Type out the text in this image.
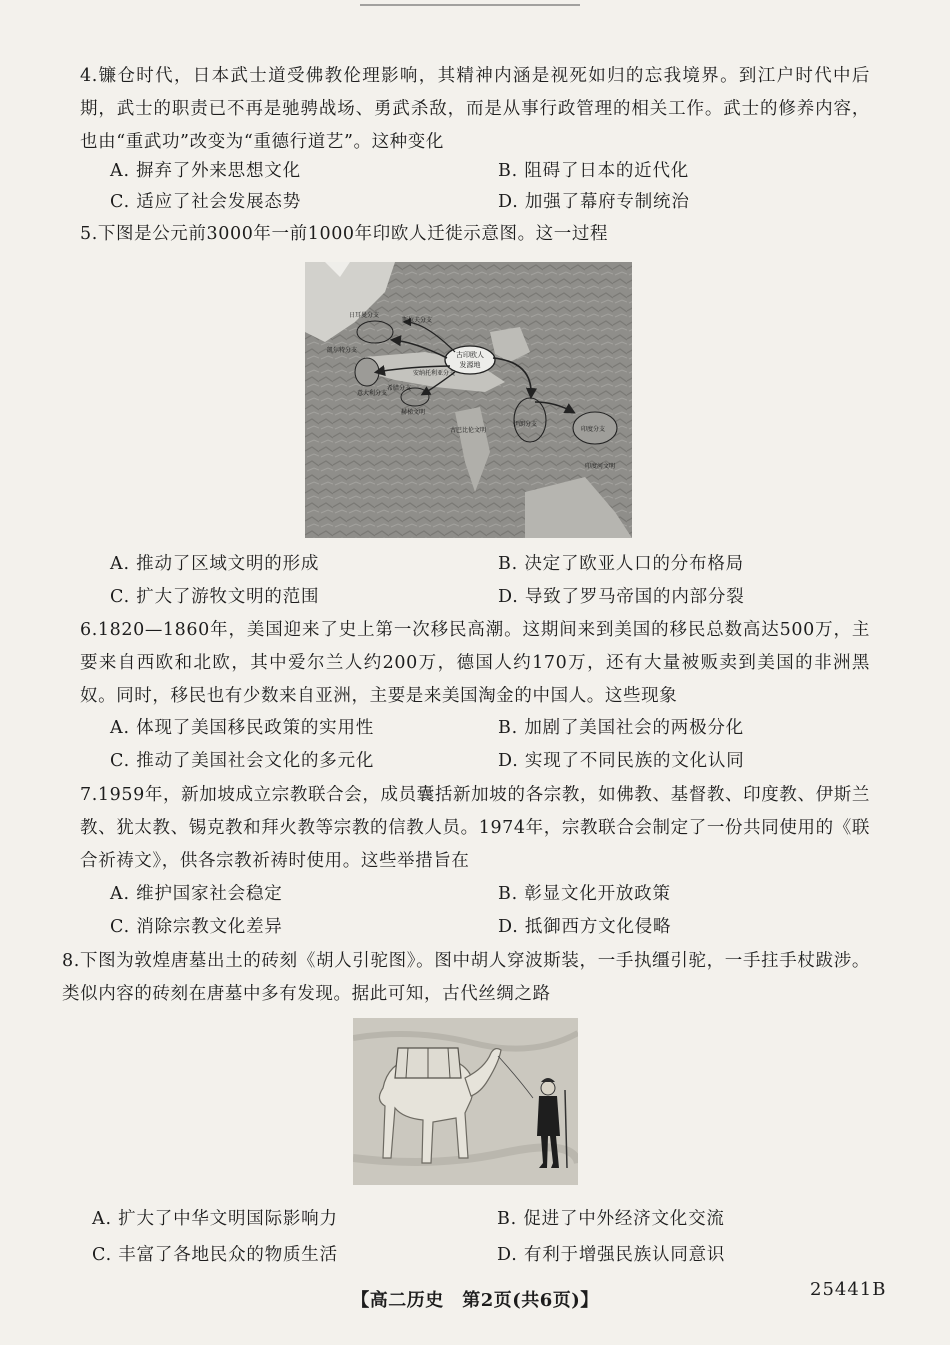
4.镰仓时代，日本武士道受佛教伦理影响，其精神内涵是视死如归的忘我境界。到江户时代中后期，武士的职责已不再是驰骋战场、勇武杀敌，而是从事行政管理的相关工作。武士的修养内容，也由“重武功”改变为“重德行道艺”。这种变化
A. 摒弃了外来思想文化	B. 阻碍了日本的近代化
C. 适应了社会发展态势	D. 加强了幕府专制统治
5.下图是公元前3000年一前1000年印欧人迁徙示意图。这一过程
古印欧人
发源地
日耳曼分支
斯拉夫分支
凯尔特分支
安纳托利亚分支
希腊分支
意大利分支
赫梯文明
伊朗分支
印度分支
印度河文明
古巴比伦文明
A. 推动了区域文明的形成	B. 决定了欧亚人口的分布格局
C. 扩大了游牧文明的范围	D. 导致了罗马帝国的内部分裂
6.1820—1860年，美国迎来了史上第一次移民高潮。这期间来到美国的移民总数高达500万，主要来自西欧和北欧，其中爱尔兰人约200万，德国人约170万，还有大量被贩卖到美国的非洲黑奴。同时，移民也有少数来自亚洲，主要是来美国淘金的中国人。这些现象
A. 体现了美国移民政策的实用性	B. 加剧了美国社会的两极分化
C. 推动了美国社会文化的多元化	D. 实现了不同民族的文化认同
7.1959年，新加坡成立宗教联合会，成员囊括新加坡的各宗教，如佛教、基督教、印度教、伊斯兰教、犹太教、锡克教和拜火教等宗教的信教人员。1974年，宗教联合会制定了一份共同使用的《联合祈祷文》，供各宗教祈祷时使用。这些举措旨在
A. 维护国家社会稳定	B. 彰显文化开放政策
C. 消除宗教文化差异	D. 抵御西方文化侵略
8.下图为敦煌唐墓出土的砖刻《胡人引驼图》。图中胡人穿波斯装，一手执缰引驼，一手拄手杖跋涉。类似内容的砖刻在唐墓中多有发现。据此可知，古代丝绸之路
A. 扩大了中华文明国际影响力	B. 促进了中外经济文化交流
C. 丰富了各地民众的物质生活	D. 有利于增强民族认同意识
【高二历史　第2页(共6页)】
25441B
